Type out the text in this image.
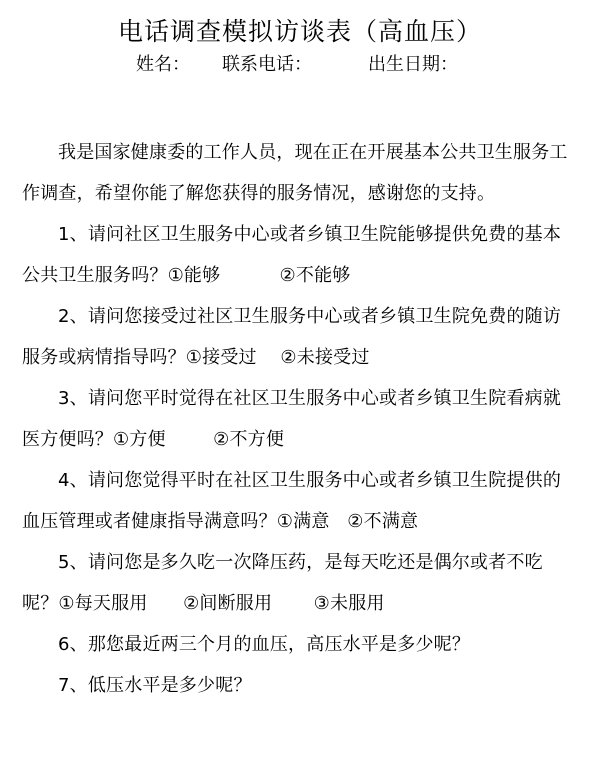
电话调查模拟访谈表（高血压）
姓名： 联系电话：	出生日期：

我是国家健康委的工作人员，现在正在开展基本公共卫生服务工作调查，希望你能了解您获得的服务情况，感谢您的支持。

1、请问社区卫生服务中心或者乡镇卫生院能够提供免费的基本公共卫生服务吗？①能够          ②不能够

2、请问您接受过社区卫生服务中心或者乡镇卫生院免费的随访服务或病情指导吗？①接受过    ②未接受过

3、请问您平时觉得在社区卫生服务中心或者乡镇卫生院看病就医方便吗？①方便        ②不方便

4、请问您觉得平时在社区卫生服务中心或者乡镇卫生院提供的血压管理或者健康指导满意吗？①满意   ②不满意

5、请问您是多久吃一次降压药，是每天吃还是偶尔或者不吃呢？①每天服用      ②间断服用       ③未服用

6、那您最近两三个月的血压，高压水平是多少呢？

7、低压水平是多少呢？
